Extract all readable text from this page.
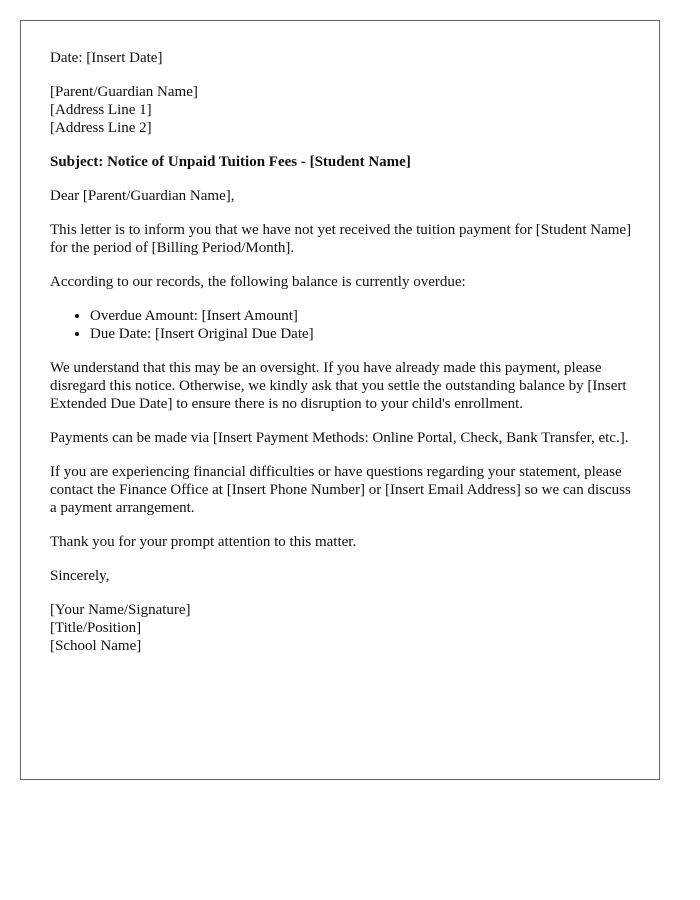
Date: [Insert Date]

[Parent/Guardian Name]
[Address Line 1]
[Address Line 2]

Subject: Notice of Unpaid Tuition Fees - [Student Name]

Dear [Parent/Guardian Name],

This letter is to inform you that we have not yet received the tuition payment for [Student Name] for the period of [Billing Period/Month].

According to our records, the following balance is currently overdue:

• Overdue Amount: [Insert Amount]
• Due Date: [Insert Original Due Date]

We understand that this may be an oversight. If you have already made this payment, please disregard this notice. Otherwise, we kindly ask that you settle the outstanding balance by [Insert Extended Due Date] to ensure there is no disruption to your child's enrollment.

Payments can be made via [Insert Payment Methods: Online Portal, Check, Bank Transfer, etc.].

If you are experiencing financial difficulties or have questions regarding your statement, please contact the Finance Office at [Insert Phone Number] or [Insert Email Address] so we can discuss a payment arrangement.

Thank you for your prompt attention to this matter.

Sincerely,

[Your Name/Signature]
[Title/Position]
[School Name]
